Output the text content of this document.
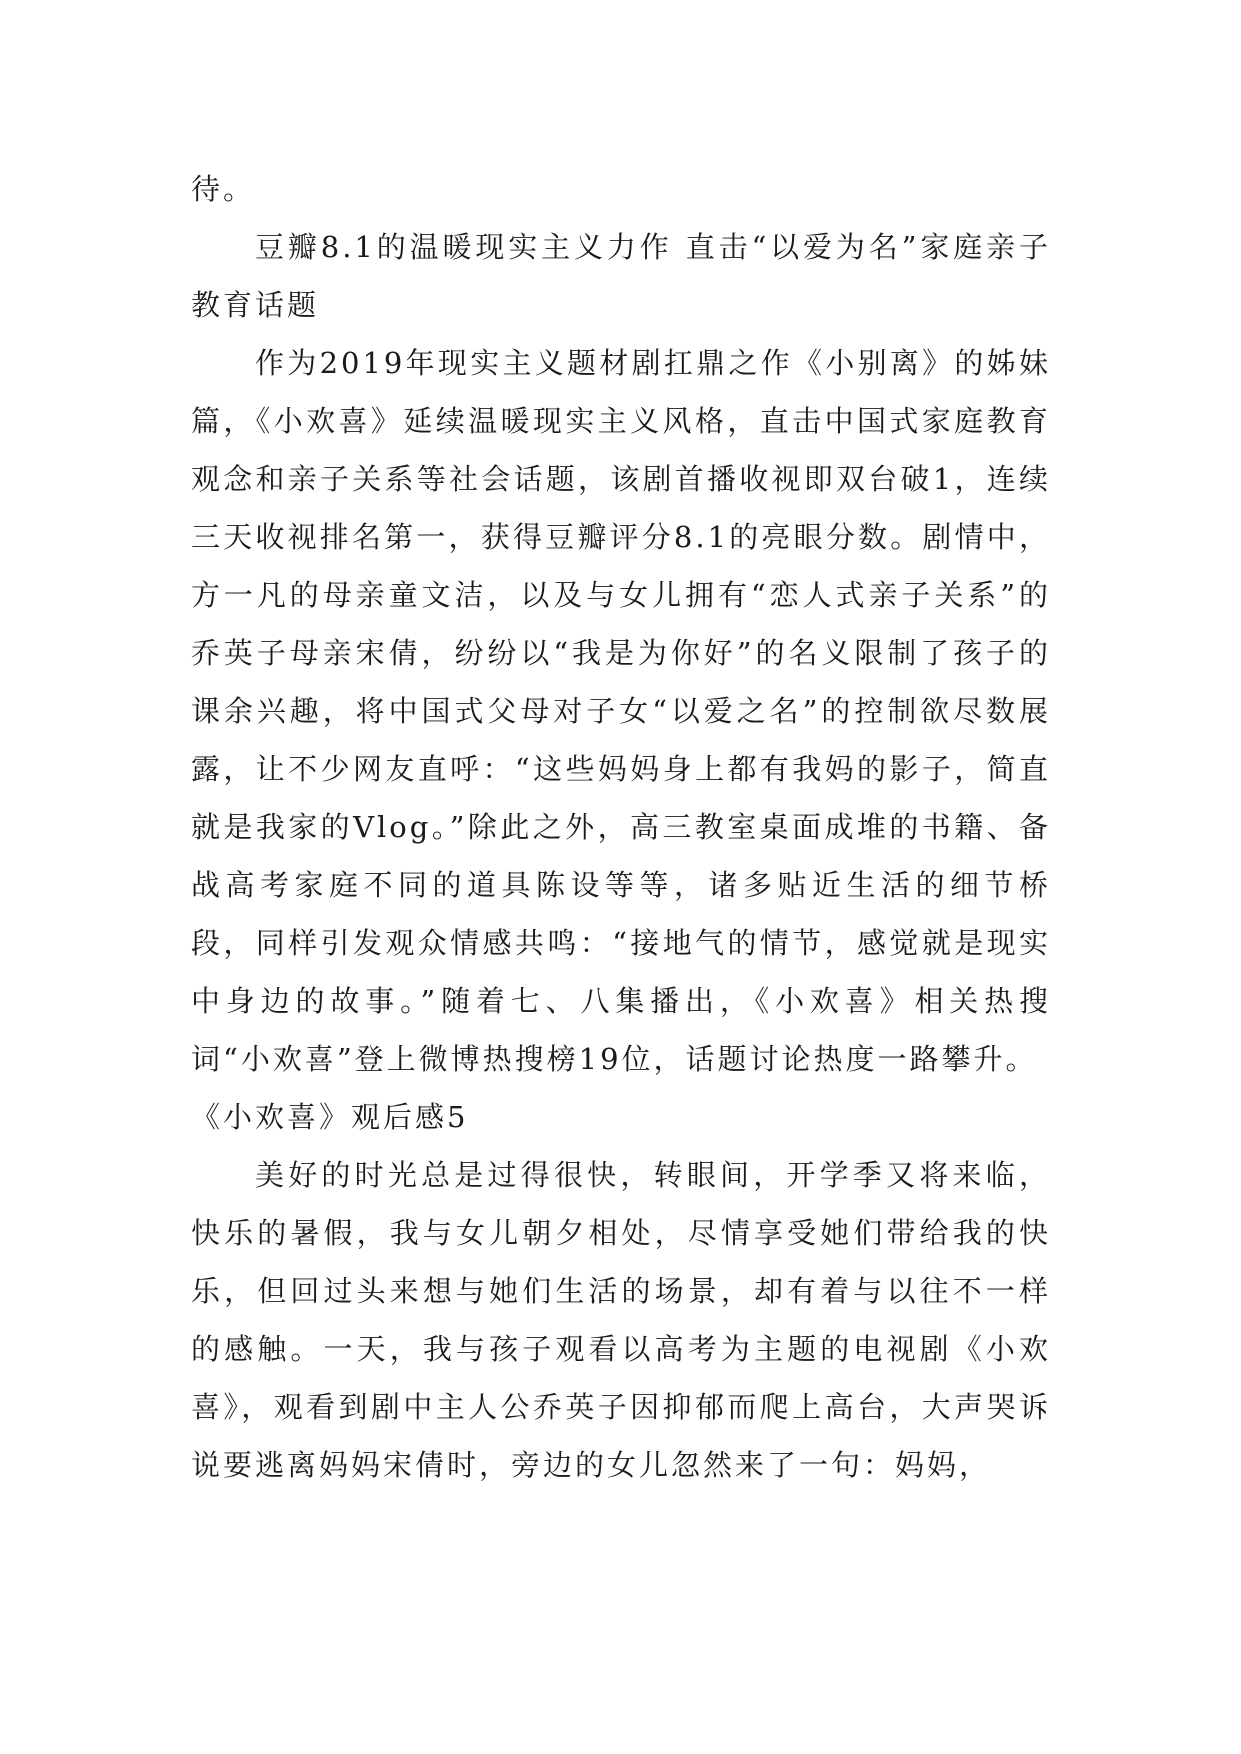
待。

豆瓣8.1的温暖现实主义力作 直击“以爱为名”家庭亲子教育话题

作为2019年现实主义题材剧扛鼎之作《小别离》的姊妹篇，《小欢喜》延续温暖现实主义风格，直击中国式家庭教育观念和亲子关系等社会话题，该剧首播收视即双台破1，连续三天收视排名第一，获得豆瓣评分8.1的亮眼分数。剧情中，方一凡的母亲童文洁，以及与女儿拥有“恋人式亲子关系”的乔英子母亲宋倩，纷纷以“我是为你好”的名义限制了孩子的课余兴趣，将中国式父母对子女“以爱之名”的控制欲尽数展露，让不少网友直呼：“这些妈妈身上都有我妈的影子，简直就是我家的Vlog。”除此之外，高三教室桌面成堆的书籍、备战高考家庭不同的道具陈设等等，诸多贴近生活的细节桥段，同样引发观众情感共鸣：“接地气的情节，感觉就是现实中身边的故事。”随着七、八集播出，《小欢喜》相关热搜词“小欢喜”登上微博热搜榜19位，话题讨论热度一路攀升。

《小欢喜》观后感5

美好的时光总是过得很快，转眼间，开学季又将来临，快乐的暑假，我与女儿朝夕相处，尽情享受她们带给我的快乐，但回过头来想与她们生活的场景，却有着与以往不一样的感触。一天，我与孩子观看以高考为主题的电视剧《小欢喜》，观看到剧中主人公乔英子因抑郁而爬上高台，大声哭诉说要逃离妈妈宋倩时，旁边的女儿忽然来了一句：妈妈，
